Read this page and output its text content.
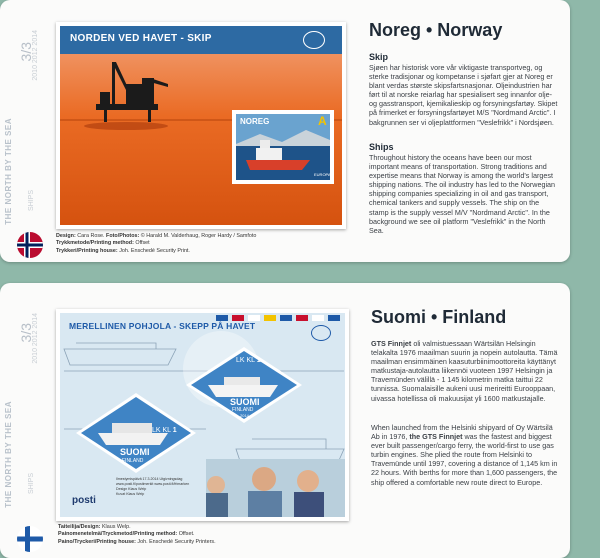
3/3
2010 2012 2014
THE NORTH BY THE SEA	SHIPS
NORDEN VED HAVET - SKIP
NOREG	A
EUROPA
Design: Cara Rose. Foto/Photos: © Harald M. Valderhaug, Roger Hardy / Samfoto
Trykkmetode/Printing method: Offset
Trykkeri/Printing house: Joh. Enschedé Security Print.
Noreg • Norway
Skip
Sjøen har historisk vore vår viktigaste transportveg, og sterke tradisjonar og kompetanse i sjøfart gjer at Noreg er blant verdas største skipsfartsnasjonar. Oljeindustrien har ført til at norske reiarlag har spesialisert seg innanfor olje- og gasstransport, kjemikalieskip og forsyningsfartøy. Skipet på frimerket er forsyningsfartøyet M/S "Nordmand Arctic". I bakgrunnen ser vi oljeplattformen "Veslefrikk" i Nordsjøen.
Ships
Throughout history the oceans have been our most important means of transportation. Strong traditions and expertise means that Norway is among the world's largest shipping nations. The oil industry has led to the Norwegian shipping companies specializing in oil and gas transport, chemical tankers and supply vessels. The ship on the stamp is the supply vessel M/V "Nordmand Arctic". In the background we see oil platform "Veslefrikk" in the North Sea.
3/3
2010 2012 2014
THE NORTH BY THE SEA	SHIPS
MERELLINEN POHJOLA - SKEPP PÅ HAVET
LK KL 1
SUOMI
FINLAND
2014
LK KL 1
SUOMI
FINLAND
Ilmestymispäivä 17.3.2014 Utgivningsdag
www.posti.fi/postimerkit www.posti.fi/frimarken
Design Klaus Welp
Kuvat Klaus Welp
posti
Taiteilija/Design: Klaus Welp.
Painomenetelmä/Tryckmetod/Printing method: Offset.
Paino/Tryckeri/Printing house: Joh. Enschedé Security Printers.
Suomi • Finland
GTS Finnjet oli valmistuessaan Wärtsilän Helsingin telakalta 1976 maailman suurin ja nopein autolautta. Tämä maailman ensimmäinen kaasuturbiinimoottoreita käyttänyt matkustaja-autolautta liikennöi vuoteen 1997 Helsingin ja Travemünden välillä - 1 145 kilometrin matka taittui 22 tunnissa. Suomalaisille aukeni uusi merireitti Eurooppaan, uivassa hotellissa oli makuusijat yli 1600 matkustajalle.
When launched from the Helsinki shipyard of Oy Wärtsilä Ab in 1976, the GTS Finnjet was the fastest and biggest ever built passenger/cargo ferry, the world-first to use gas turbin engines. She plied the route from Helsinki to Travemünde until 1997, covering a distance of 1,145 km in 22 hours. With berths for more than 1,600 passengers, the ship offered a comfortable new route direct to Europe.
